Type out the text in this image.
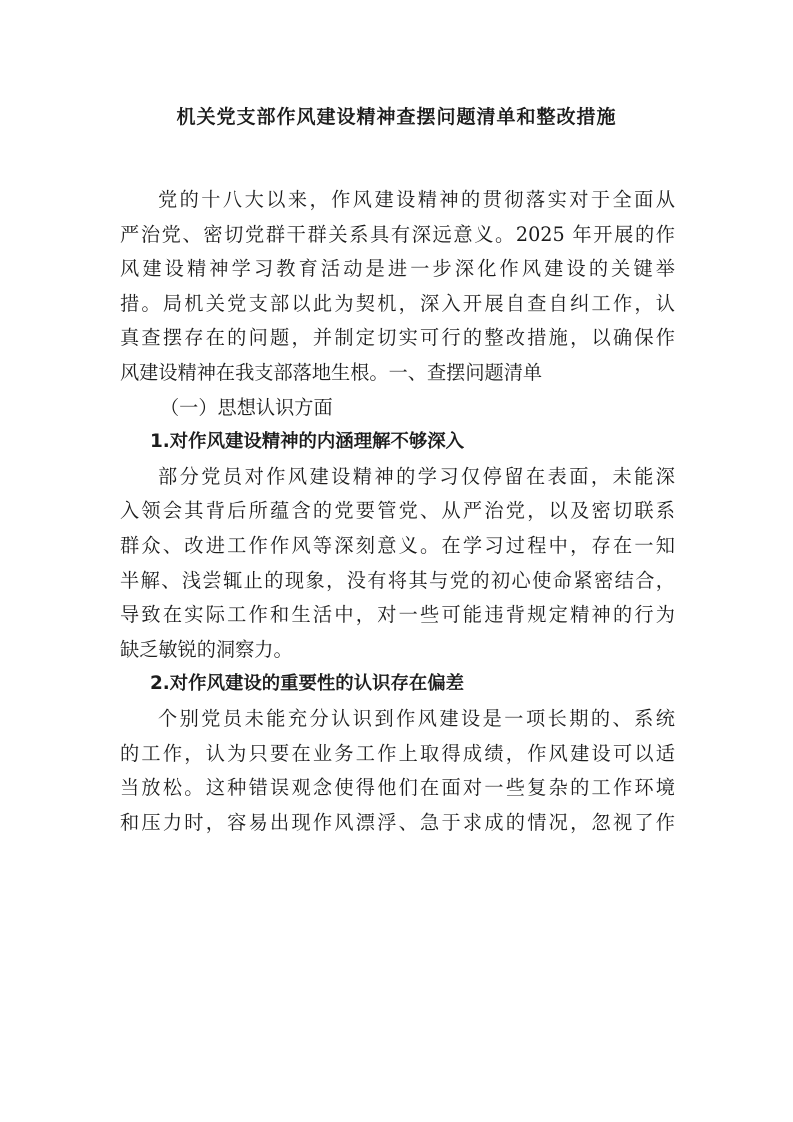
机关党支部作风建设精神查摆问题清单和整改措施
党的十八大以来，作风建设精神的贯彻落实对于全面从
严治党、密切党群干群关系具有深远意义。2025 年开展的作
风建设精神学习教育活动是进一步深化作风建设的关键举
措。局机关党支部以此为契机，深入开展自查自纠工作，认
真查摆存在的问题，并制定切实可行的整改措施，以确保作
风建设精神在我支部落地生根。一、查摆问题清单
（一）思想认识方面
1.对作风建设精神的内涵理解不够深入
部分党员对作风建设精神的学习仅停留在表面，未能深
入领会其背后所蕴含的党要管党、从严治党，以及密切联系
群众、改进工作作风等深刻意义。在学习过程中，存在一知
半解、浅尝辄止的现象，没有将其与党的初心使命紧密结合，
导致在实际工作和生活中，对一些可能违背规定精神的行为
缺乏敏锐的洞察力。
2.对作风建设的重要性的认识存在偏差
个别党员未能充分认识到作风建设是一项长期的、系统
的工作，认为只要在业务工作上取得成绩，作风建设可以适
当放松。这种错误观念使得他们在面对一些复杂的工作环境
和压力时，容易出现作风漂浮、急于求成的情况，忽视了作
